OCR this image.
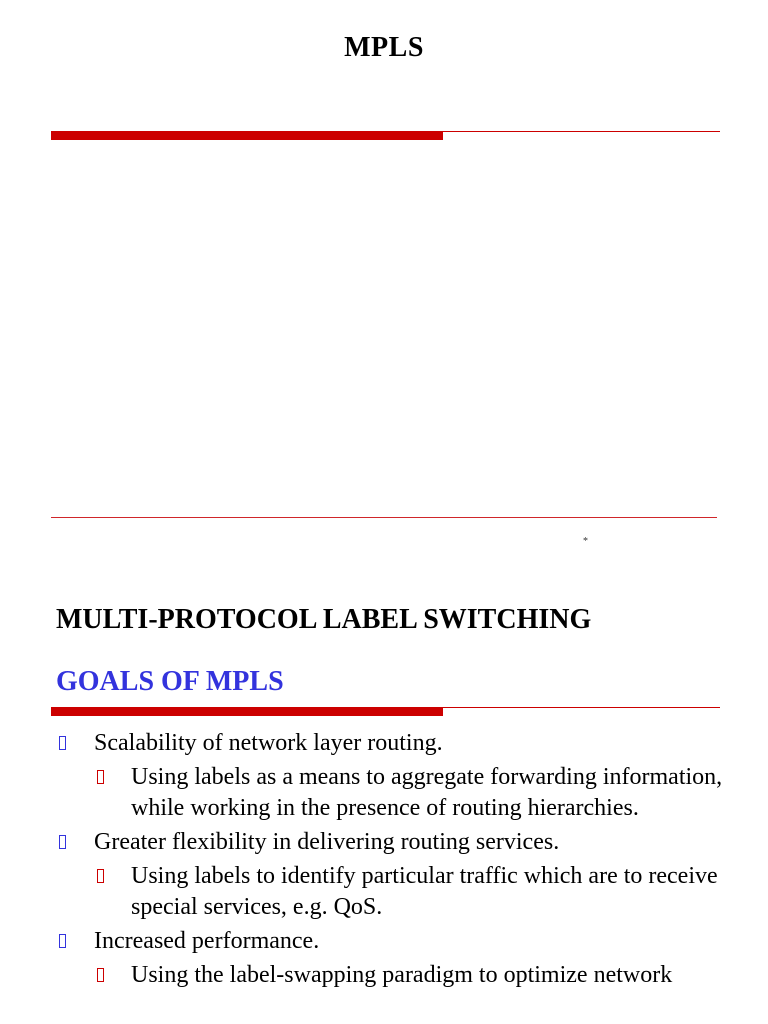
MPLS
*
MULTI-PROTOCOL LABEL SWITCHING
GOALS OF MPLS
Scalability of network layer routing.
Using labels as a means to aggregate forwarding information, while working in the presence of routing hierarchies.
Greater flexibility in delivering routing services.
Using labels to identify particular traffic which are to receive special services, e.g. QoS.
Increased performance.
Using the label-swapping paradigm to optimize network
